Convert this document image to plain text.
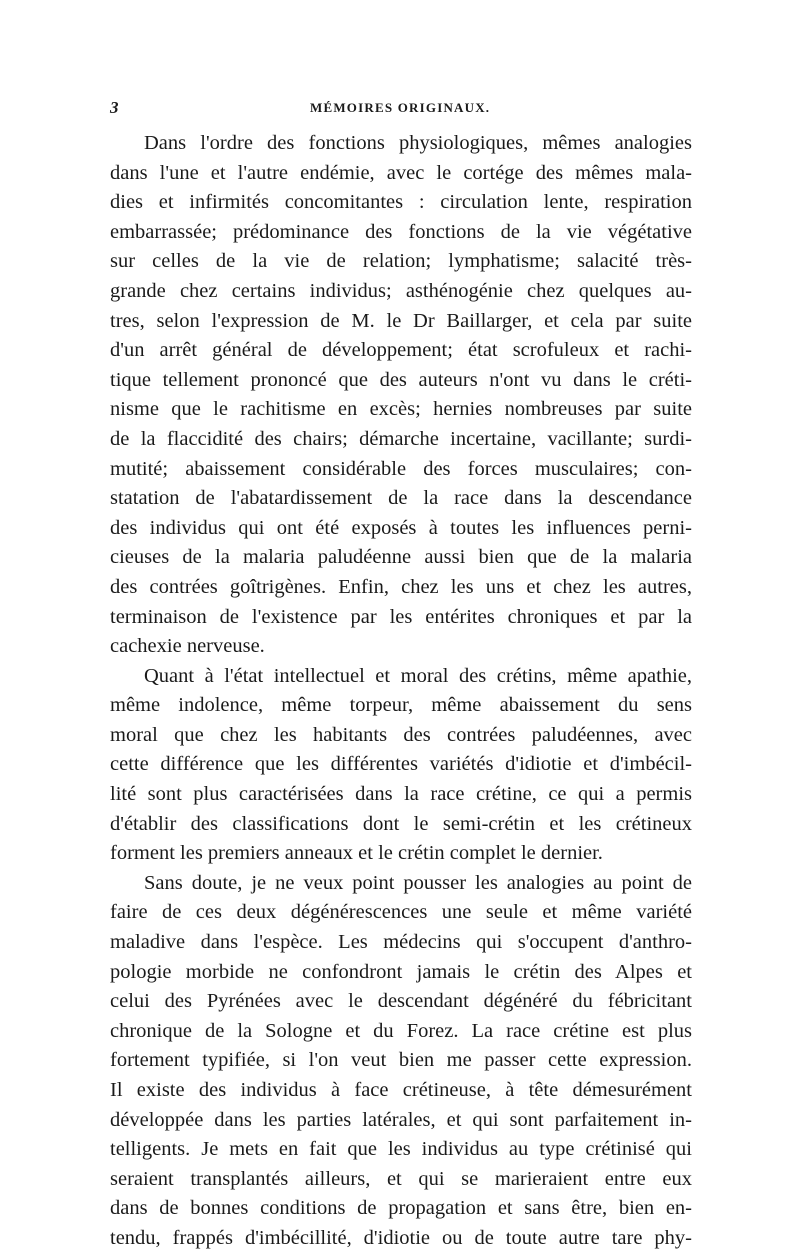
3	MÉMOIRES ORIGINAUX.
Dans l'ordre des fonctions physiologiques, mêmes analogies
dans l'une et l'autre endémie, avec le cortége des mêmes mala-
dies et infirmités concomitantes : circulation lente, respiration
embarrassée; prédominance des fonctions de la vie végétative
sur celles de la vie de relation; lymphatisme; salacité très-
grande chez certains individus; asthénogénie chez quelques au-
tres, selon l'expression de M. le Dr Baillarger, et cela par suite
d'un arrêt général de développement; état scrofuleux et rachi-
tique tellement prononcé que des auteurs n'ont vu dans le créti-
nisme que le rachitisme en excès; hernies nombreuses par suite
de la flaccidité des chairs; démarche incertaine, vacillante; surdi-
mutité; abaissement considérable des forces musculaires; con-
statation de l'abatardissement de la race dans la descendance
des individus qui ont été exposés à toutes les influences perni-
cieuses de la malaria paludéenne aussi bien que de la malaria
des contrées goîtrigènes. Enfin, chez les uns et chez les autres,
terminaison de l'existence par les entérites chroniques et par la
cachexie nerveuse.
Quant à l'état intellectuel et moral des crétins, même apathie,
même indolence, même torpeur, même abaissement du sens
moral que chez les habitants des contrées paludéennes, avec
cette différence que les différentes variétés d'idiotie et d'imbécil-
lité sont plus caractérisées dans la race crétine, ce qui a permis
d'établir des classifications dont le semi-crétin et les crétineux
forment les premiers anneaux et le crétin complet le dernier.
Sans doute, je ne veux point pousser les analogies au point de
faire de ces deux dégénérescences une seule et même variété
maladive dans l'espèce. Les médecins qui s'occupent d'anthro-
pologie morbide ne confondront jamais le crétin des Alpes et
celui des Pyrénées avec le descendant dégénéré du fébricitant
chronique de la Sologne et du Forez. La race crétine est plus
fortement typifiée, si l'on veut bien me passer cette expression.
Il existe des individus à face crétineuse, à tête démesurément
développée dans les parties latérales, et qui sont parfaitement in-
telligents. Je mets en fait que les individus au type crétinisé qui
seraient transplantés ailleurs, et qui se marieraient entre eux
dans de bonnes conditions de propagation et sans être, bien en-
tendu, frappés d'imbécillité, d'idiotie ou de toute autre tare phy-
